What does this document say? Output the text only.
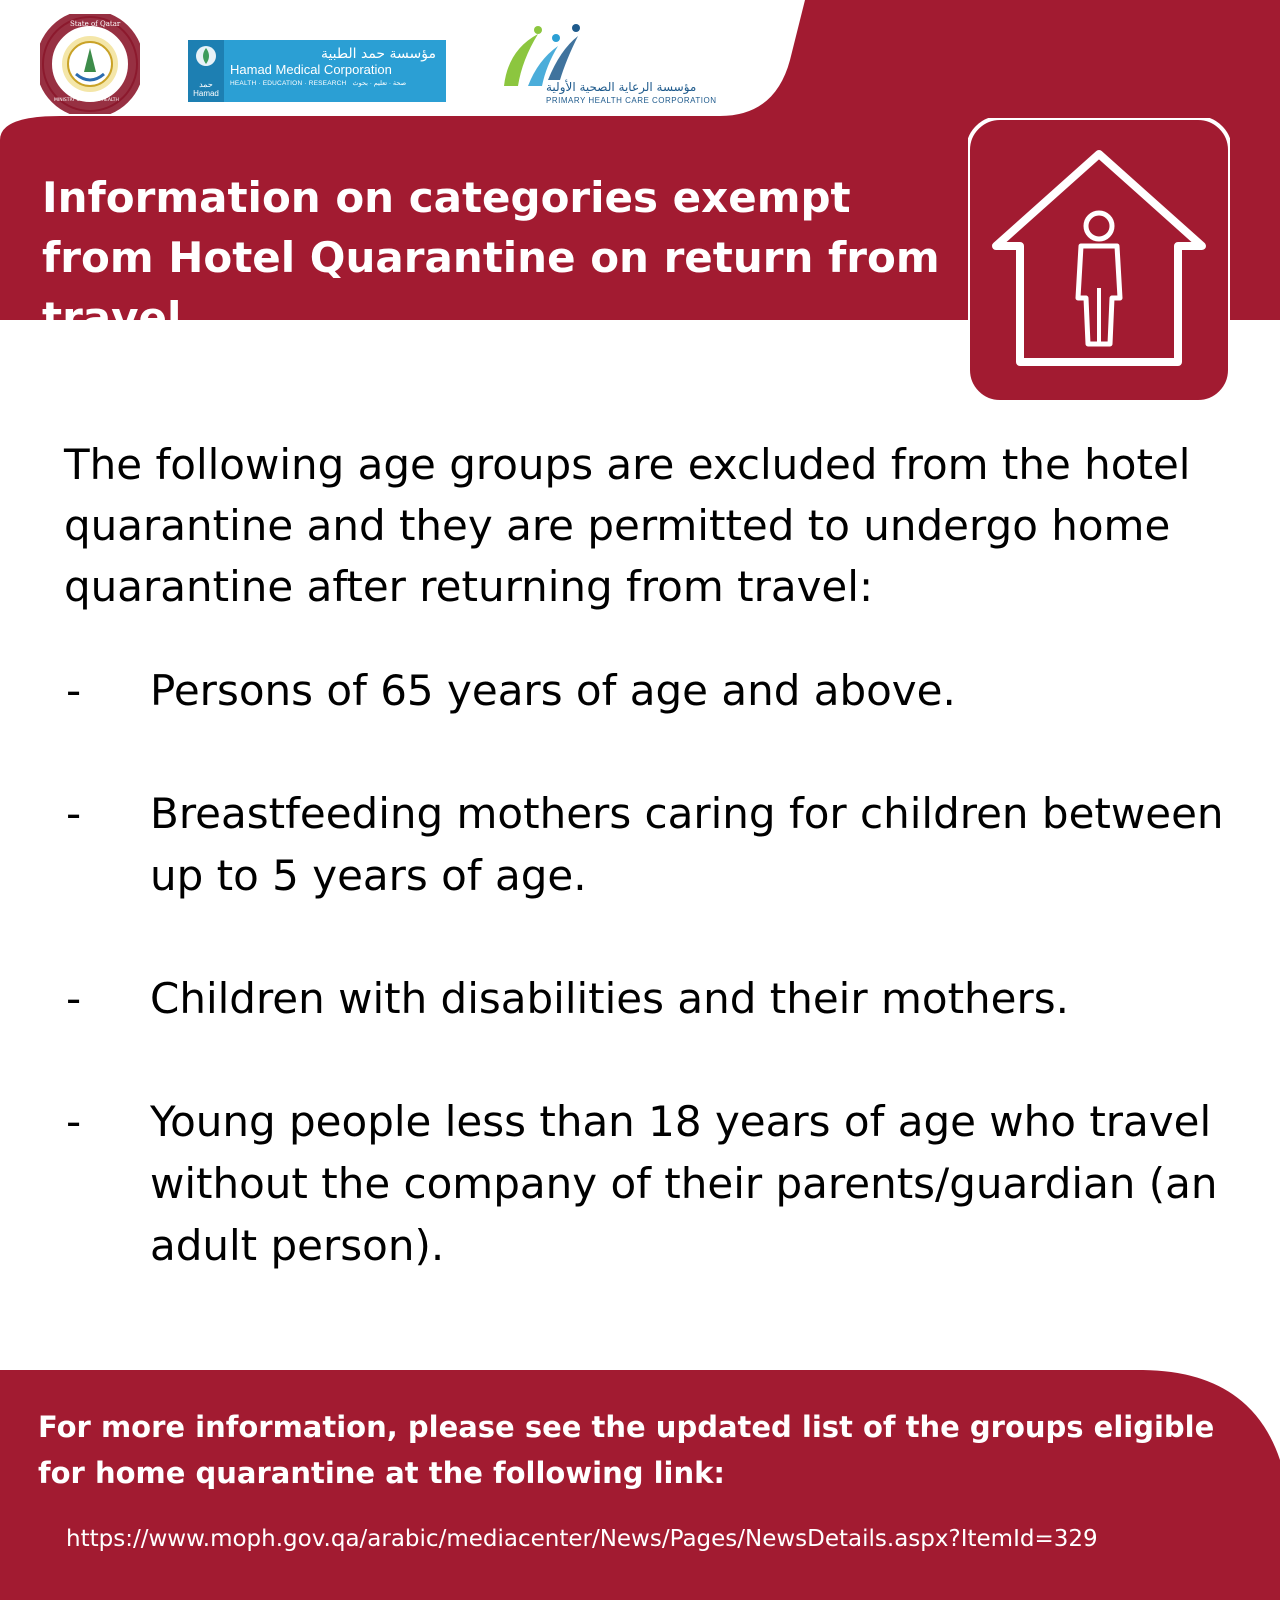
State of Qatar
MINISTRY OF PUBLIC HEALTH
حمد
Hamad
مؤسسة حمد الطبية
Hamad Medical Corporation
HEALTH · EDUCATION · RESEARCH صحة · تعليم · بحوث	مؤسسة الرعاية الصحية الأولية
PRIMARY HEALTH CARE CORPORATION
Information on categories exempt from Hotel Quarantine on return from travel

The following age groups are excluded from the hotel quarantine and they are permitted to undergo home quarantine after returning from travel:

- Persons of 65 years of age and above.
- Breastfeeding mothers caring for children between up to 5 years of age.
- Children with disabilities and their mothers.
- Young people less than 18 years of age who travel without the company of their parents/guardian (an adult person).

For more information, please see the updated list of the groups eligible for home quarantine at the following link:

https://www.moph.gov.qa/arabic/mediacenter/News/Pages/NewsDetails.aspx?ItemId=329
